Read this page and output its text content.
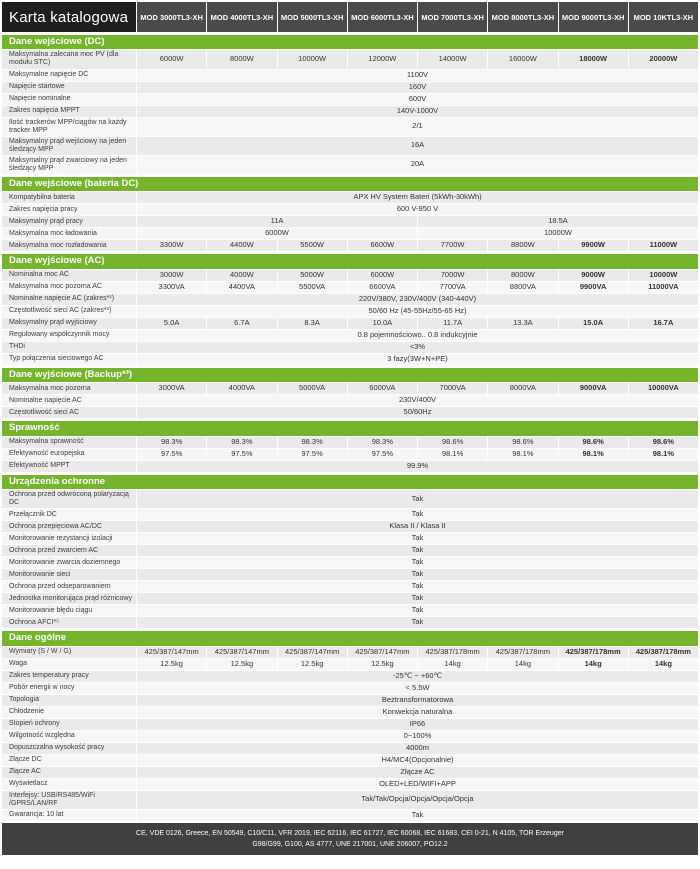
Karta katalogowa	MOD 3000TL3-XH	MOD 4000TL3-XH	MOD 5000TL3-XH	MOD 6000TL3-XH	MOD 7000TL3-XH	MOD 8000TL3-XH	MOD 9000TL3-XH	MOD 10KTL3-XH
Dane wejściowe (DC)
Maksymalna zalecana moc PV (dla modułu STC)	6000W	8000W	10000W	12000W	14000W	16000W	18000W	20000W
Maksymalne napięcie DC	1100V
Napięcie startowe	160V
Napięcie nominalne	600V
Zakres napięcia MPPT	140V-1000V
Ilość trackerów MPP/ciągów na każdy tracker MPP	2/1
Maksymalny prąd wejściowy na jeden śledzący MPP	16A
Maksymalny prąd zwarciowy na jeden śledzący MPP	20A
Dane wejściowe (bateria DC)
Kompatybilna bateria	APX HV System Bateri (5kWh-30kWh)
Zakres napięcia pracy	600 V-950 V
Maksymalny prąd pracy	11A	18.5A
Maksymalna moc ładowania	6000W	10000W
Maksymalna moc rozładowania	3300W	4400W	5500W	6600W	7700W	8800W	9900W	11000W
Dane wyjściowe (AC)
Nominalna moc AC	3000W	4000W	5000W	6000W	7000W	8000W	9000W	10000W
Maksymalna moc pozorna AC	3300VA	4400VA	5500VA	6600VA	7700VA	8800VA	9900VA	11000VA
Nominalne napięcie AC (zakres*¹)	220V/380V, 230V/400V (340-440V)
Częstotliwość sieci AC (zakres*²)	50/60 Hz (45-55Hz/55-65 Hz)
Maksymalny prąd wyjściowy	5.0A	6.7A	8.3A	10.0A	11.7A	13.3A	15.0A	16.7A
Regulowany współczynnik mocy	0.8 pojemnościowo.. 0.8 indukcyjnie
THDi	<3%
Typ połączenia sieciowego AC	3 fazy(3W+N+PE)
Dane wyjściowe (Backup*³)
Maksymalna moc pozorna	3000VA	4000VA	5000VA	6000VA	7000VA	8000VA	9000VA	10000VA
Nominalne napięcie AC	230V/400V
Częstotliwość sieci AC	50/60Hz
Sprawność
Maksymalna sprawność	98.3%	98.3%	98.3%	98.3%	98.6%	98.6%	98.6%	98.6%
Efektywność europejska	97.5%	97.5%	97.5%	97.5%	98.1%	98.1%	98.1%	98.1%
Efektywność MPPT	99.9%
Urządzenia ochronne
Ochrona przed odwróconą polaryzacją DC	Tak
Przełącznik DC	Tak
Ochrona przepięciowa AC/DC	Klasa II / Klasa II
Monitorowanie rezystancji izolacji	Tak
Ochrona przed zwarciem AC	Tak
Monitorowanie zwarcia doziemnego	Tak
Monitorowanie sieci	Tak
Ochrona przed odseparowaniem	Tak
Jednostka monitorująca prąd różnicowy	Tak
Monitorowanie błędu ciągu	Tak
Ochrona AFCI*⁵	Tak
Dane ogólne
Wymiary (S / W / G)	425/387/147mm	425/387/147mm	425/387/147mm	425/387/147mm	425/387/178mm	425/387/178mm	425/387/178mm	425/387/178mm
Waga	12.5kg	12.5kg	12.5kg	12.5kg	14kg	14kg	14kg	14kg
Zakres temperatury pracy	-25℃ ~ +60℃
Pobór energii w nocy	< 5.5W
Topologia	Beztransformatorowa
Chłodzenie	Konwekcja naturalna
Stopień ochrony	IP66
Wilgotność względna	0~100%
Dopuszczalna wysokość pracy	4000m
Złącze DC	H4/MC4(Opcjonalnie)
Złącze AC	Złącze AC
Wyświetlacz	OLED+LED/WIFI+APP
Interfejsy: USB/RS485/WiFi /GPRS/LAN/RF	Tak/Tak/Opcja/Opcja/Opcja/Opcja
Gwarancja: 10 lat	Tak
CE, VDE 0126, Greece, EN 50549, C10/C11, VFR 2019, IEC 62116, IEC 61727, IEC 60068, IEC 61683, CEI 0-21, N 4105, TOR Erzeuger
G98/G99, G100, AS 4777, UNE 217001, UNE 206007, PO12.2
